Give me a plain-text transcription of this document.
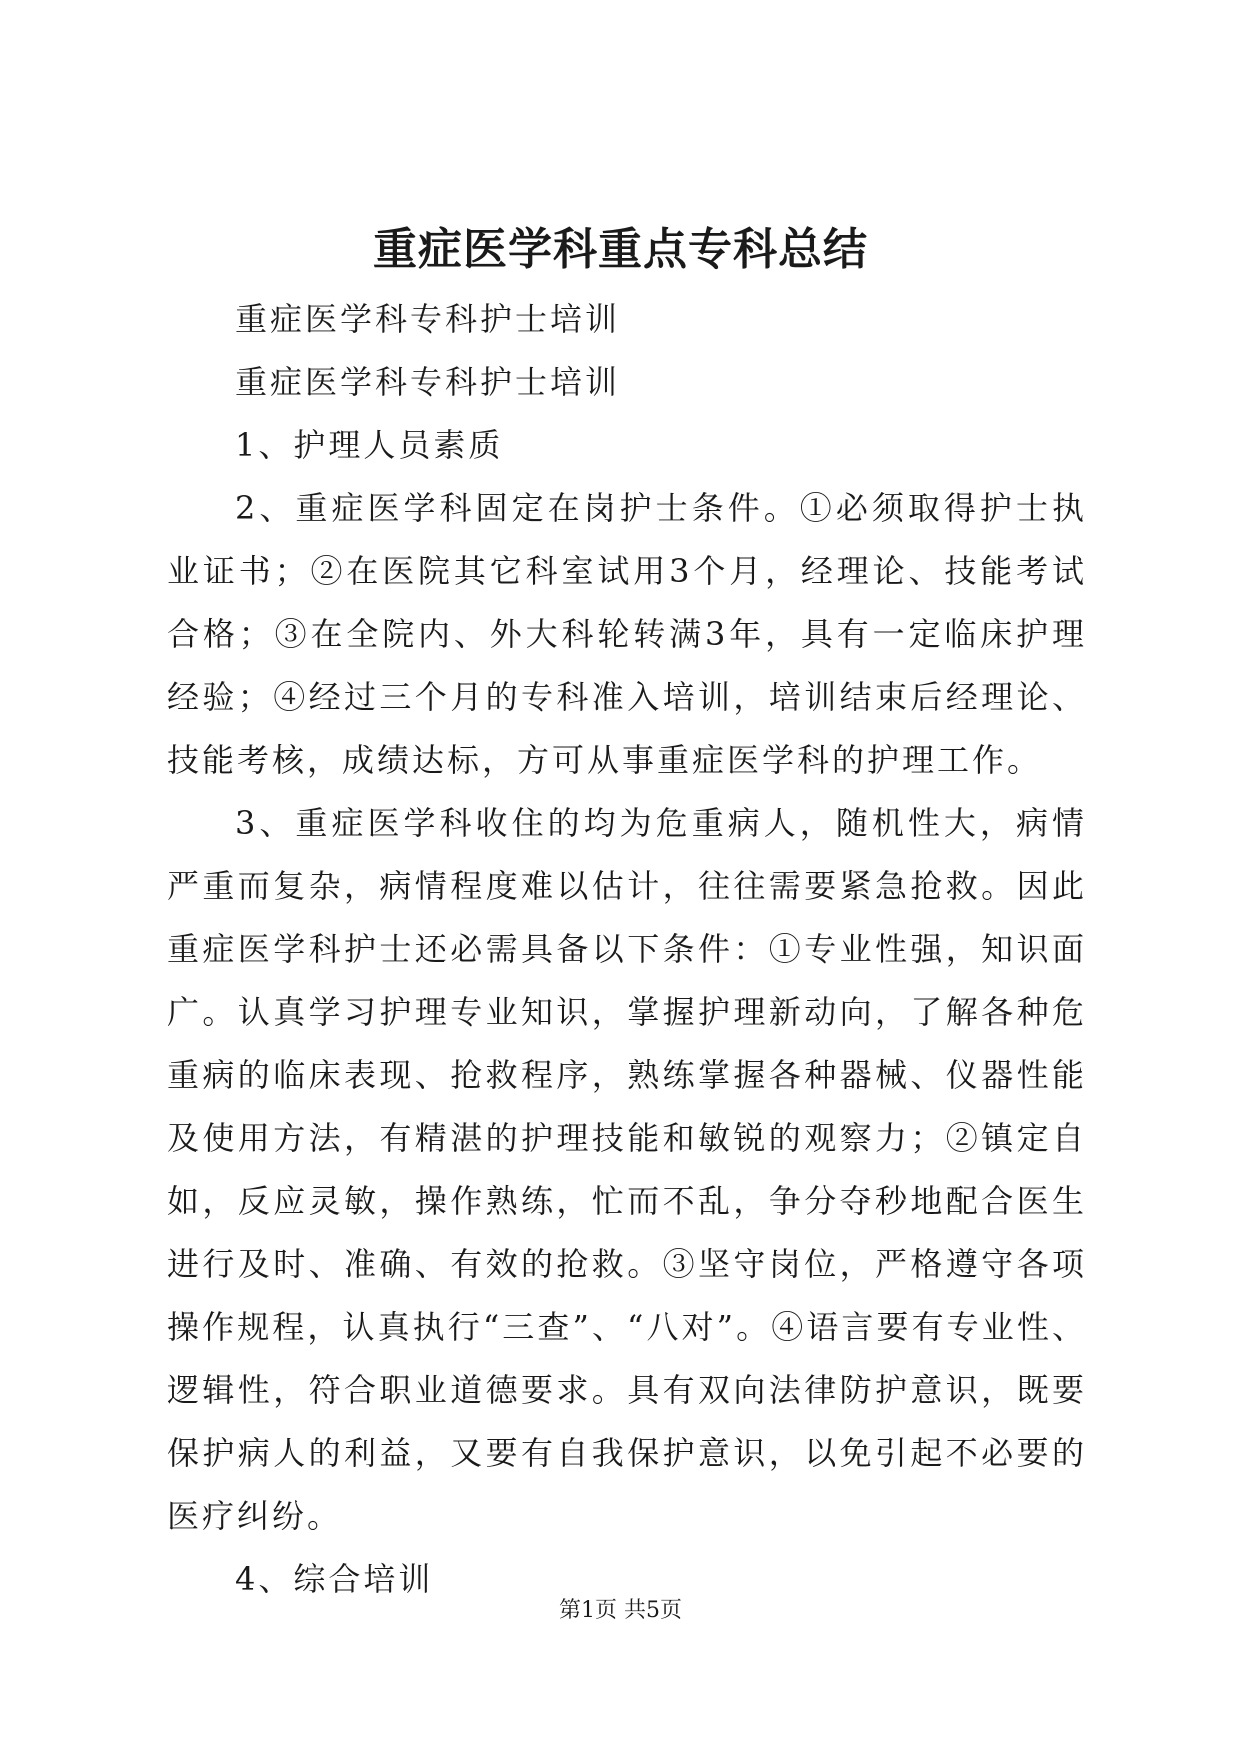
重症医学科重点专科总结

重症医学科专科护士培训

重症医学科专科护士培训

1、护理人员素质

2、重症医学科固定在岗护士条件。①必须取得护士执业证书；②在医院其它科室试用3个月，经理论、技能考试合格；③在全院内、外大科轮转满3年，具有一定临床护理经验；④经过三个月的专科准入培训，培训结束后经理论、技能考核，成绩达标，方可从事重症医学科的护理工作。

3、重症医学科收住的均为危重病人，随机性大，病情严重而复杂，病情程度难以估计，往往需要紧急抢救。因此重症医学科护士还必需具备以下条件：①专业性强，知识面广。认真学习护理专业知识，掌握护理新动向，了解各种危重病的临床表现、抢救程序，熟练掌握各种器械、仪器性能及使用方法，有精湛的护理技能和敏锐的观察力；②镇定自如，反应灵敏，操作熟练，忙而不乱，争分夺秒地配合医生进行及时、准确、有效的抢救。③坚守岗位，严格遵守各项操作规程，认真执行“三查”、“八对”。④语言要有专业性、逻辑性，符合职业道德要求。具有双向法律防护意识，既要保护病人的利益，又要有自我保护意识，以免引起不必要的医疗纠纷。

4、综合培训

第1页 共5页
